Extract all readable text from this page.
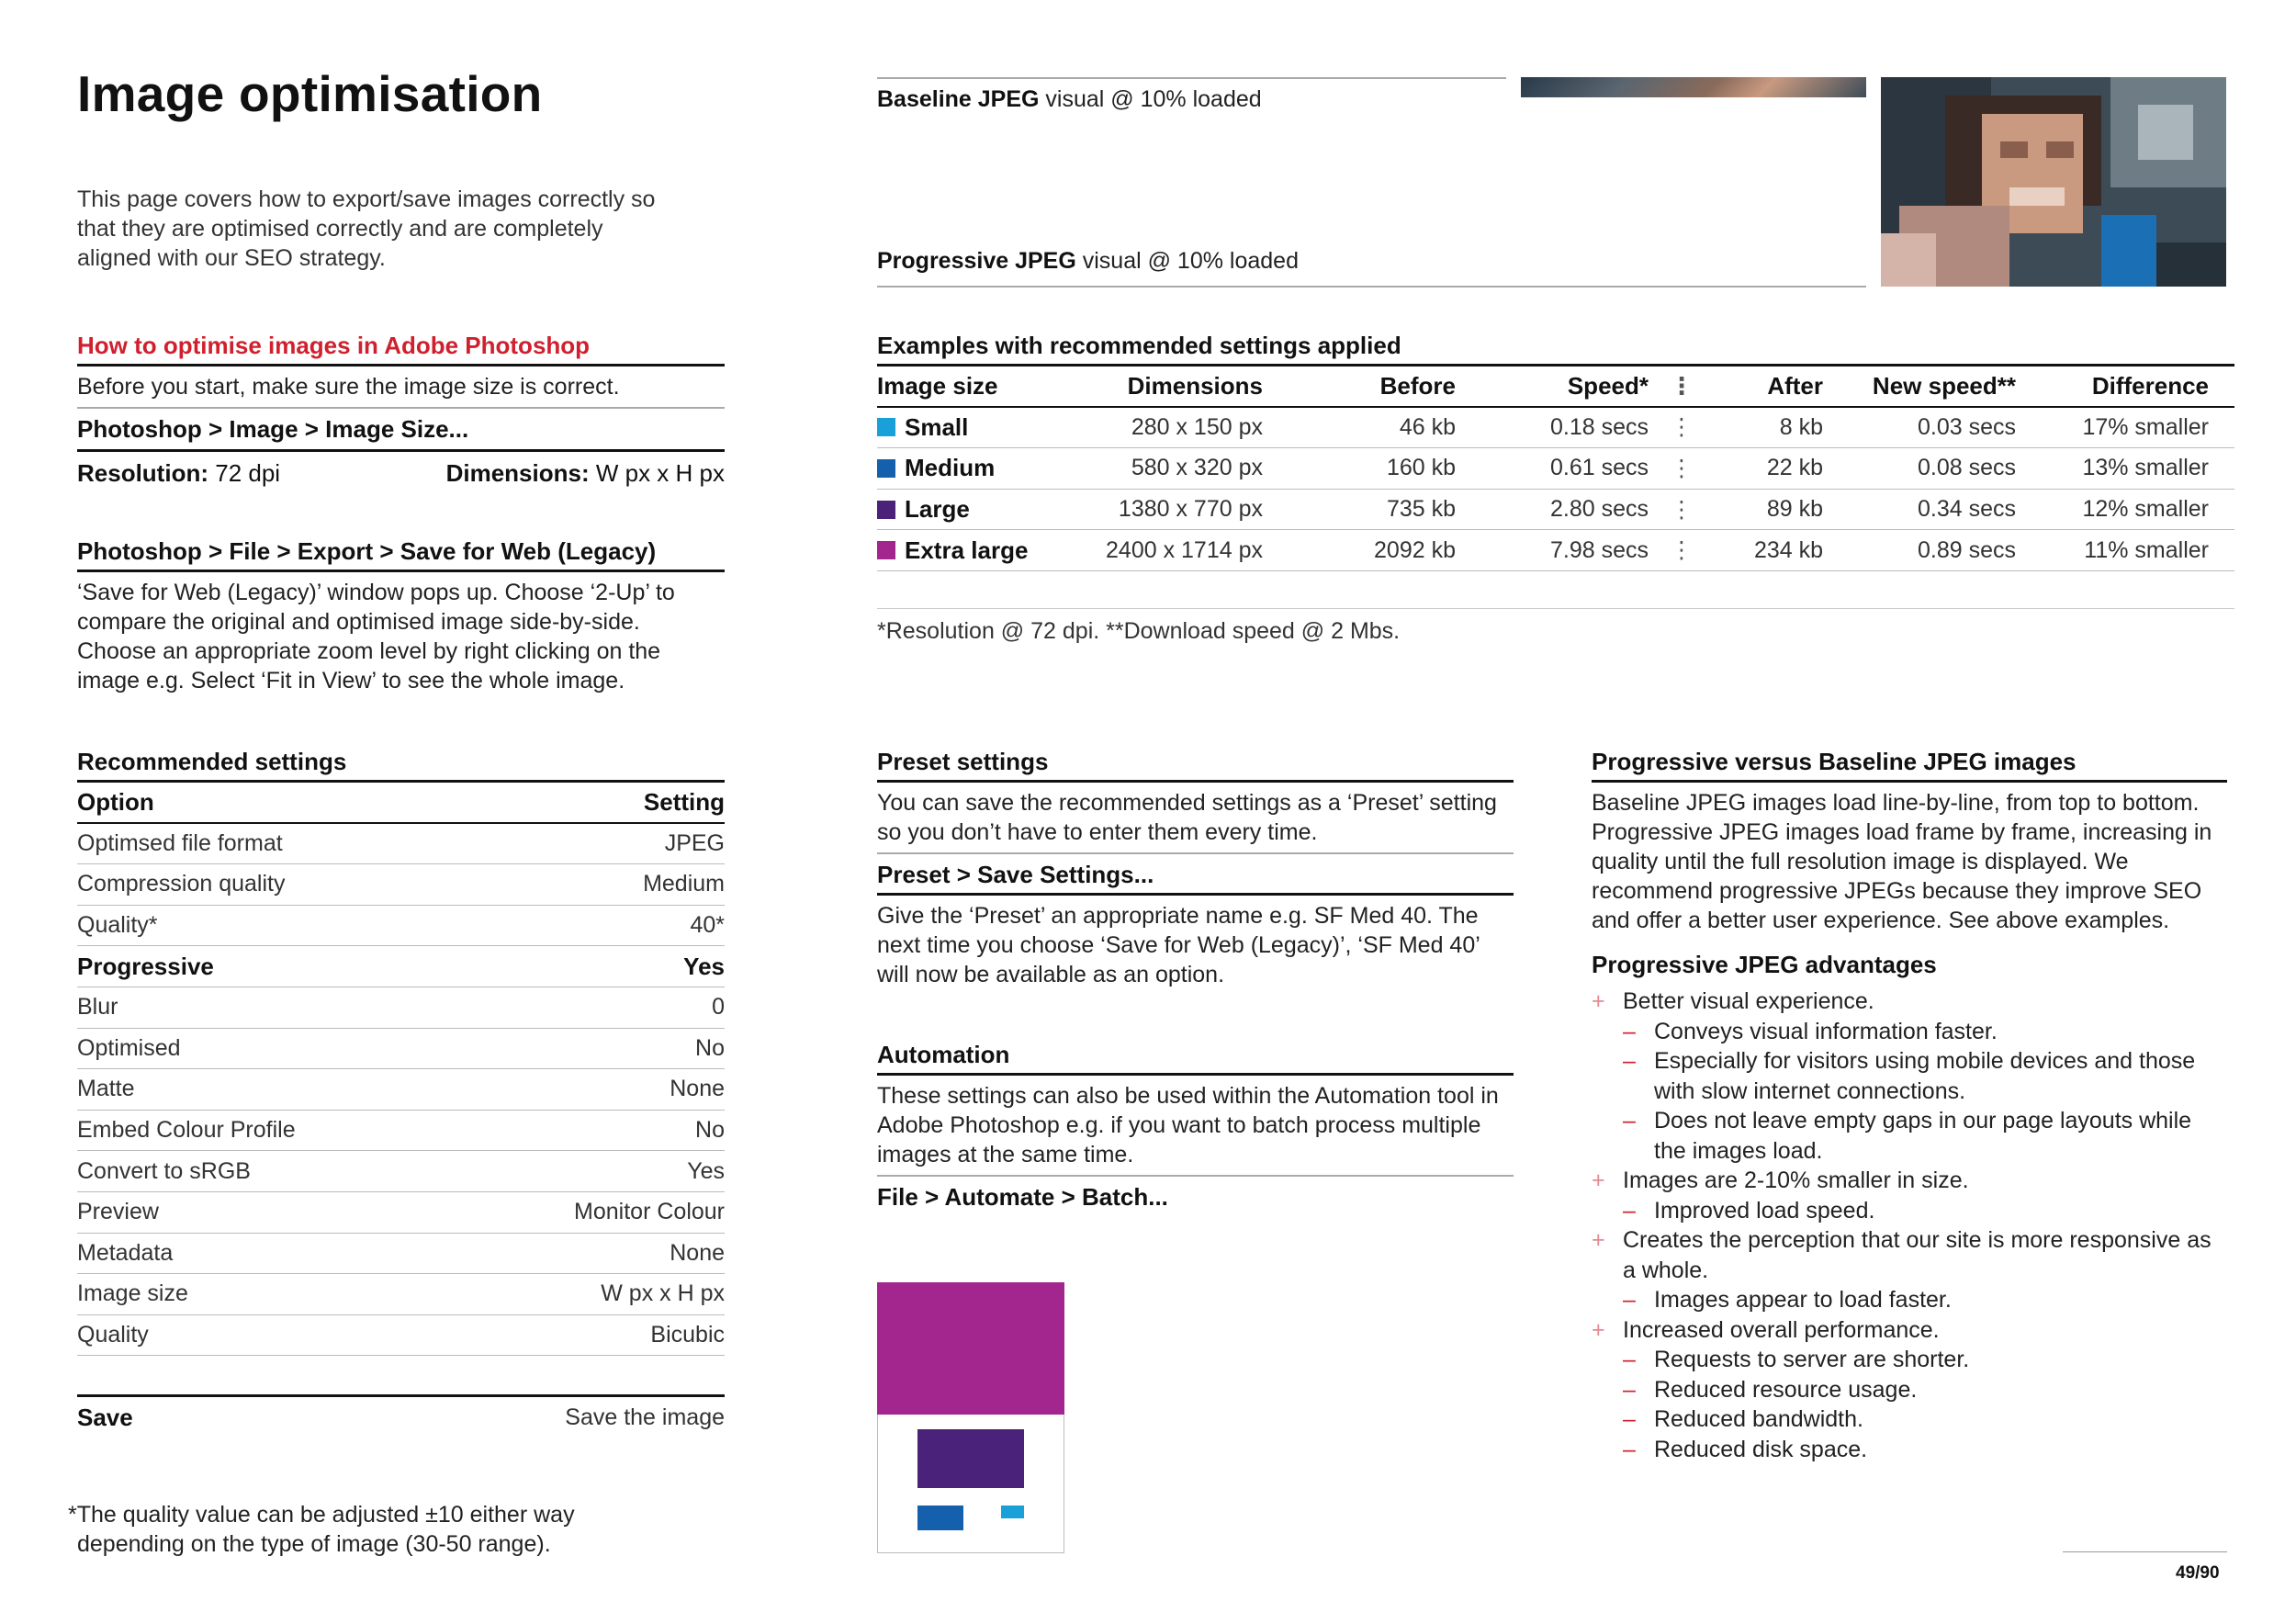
Image optimisation

This page covers how to export/save images correctly so that they are optimised correctly and are completely aligned with our SEO strategy.

How to optimise images in Adobe Photoshop
Before you start, make sure the image size is correct.
Photoshop > Image > Image Size...
Resolution: 72 dpi	Dimensions: W px x H px
Photoshop > File > Export > Save for Web (Legacy)

‘Save for Web (Legacy)’ window pops up. Choose ‘2-Up’ to compare the original and optimised image side-by-side. Choose an appropriate zoom level by right clicking on the image e.g. Select ‘Fit in View’ to see the whole image.

Recommended settings
Option	Setting
Optimsed file format	JPEG
Compression quality	Medium
Quality*	40*
Progressive	Yes
Blur	0
Optimised	No
Matte	None
Embed Colour Profile	No
Convert to sRGB	Yes
Preview	Monitor Colour
Metadata	None
Image size	W px x H px
Quality	Bicubic
Save	Save the image

*The quality value can be adjusted ±10 either way depending on the type of image (30-50 range).

Baseline JPEG visual @ 10% loaded
Progressive JPEG visual @ 10% loaded
Examples with recommended settings applied
Image size	Dimensions	Before	Speed* ⋮	After	New speed**	Difference
Small	280 x 150 px	46 kb	0.18 secs ⋮	8 kb	0.03 secs	17% smaller
Medium	580 x 320 px	160 kb	0.61 secs ⋮	22 kb	0.08 secs	13% smaller
Large	1380 x 770 px	735 kb	2.80 secs ⋮	89 kb	0.34 secs	12% smaller
Extra large	2400 x 1714 px	2092 kb	7.98 secs ⋮	234 kb	0.89 secs	11% smaller

*Resolution @ 72 dpi. **Download speed @ 2 Mbs.

Preset settings

You can save the recommended settings as a ‘Preset’ setting so you don’t have to enter them every time.

Preset > Save Settings...

Give the ‘Preset’ an appropriate name e.g. SF Med 40. The next time you choose ‘Save for Web (Legacy)’, ‘SF Med 40’ will now be available as an option.

Automation

These settings can also be used within the Automation tool in Adobe Photoshop e.g. if you want to batch process multiple images at the same time.

File > Automate > Batch...
Progressive versus Baseline JPEG images

Baseline JPEG images load line-by-line, from top to bottom. Progressive JPEG images load frame by frame, increasing in quality until the full resolution image is displayed. We recommend progressive JPEGs because they improve SEO and offer a better user experience. See above examples.

Progressive JPEG advantages
+ Better visual experience.
– Conveys visual information faster.
– Especially for visitors using mobile devices and those with slow internet connections.
– Does not leave empty gaps in our page layouts while the images load.
+ Images are 2-10% smaller in size.
– Improved load speed.
+ Creates the perception that our site is more responsive as a whole.
– Images appear to load faster.
+ Increased overall performance.
– Requests to server are shorter.
– Reduced resource usage.
– Reduced bandwidth.
– Reduced disk space.
49/90
